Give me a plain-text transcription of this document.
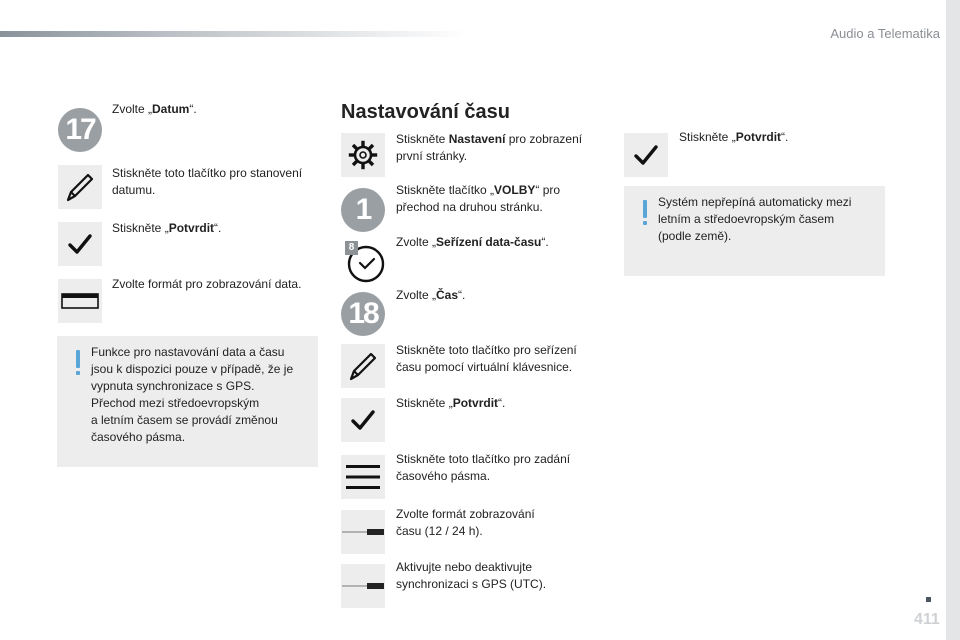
Audio a Telematika
17
Zvolte „Datum“.
Stiskněte toto tlačítko pro stanovení datumu.
Stiskněte „Potvrdit“.
Zvolte formát pro zobrazování data.
Funkce pro nastavování data a času
jsou k dispozici pouze v případě, že je
vypnuta synchronizace s GPS.
Přechod mezi středoevropským
a letním časem se provádí změnou
časového pásma.
Nastavování času
Stiskněte Nastavení pro zobrazení
první stránky.
1
Stiskněte tlačítko „VOLBY“ pro
přechod na druhou stránku.
8	Zvolte „Seřízení data-času“.
18
Zvolte „Čas“.
Stiskněte toto tlačítko pro seřízení
času pomocí virtuální klávesnice.
Stiskněte „Potvrdit“.
Stiskněte toto tlačítko pro zadání
časového pásma.
Zvolte formát zobrazování
času (12 / 24 h).
Aktivujte nebo deaktivujte
synchronizaci s GPS (UTC).
Stiskněte „Potvrdit“.
Systém nepřepíná automaticky mezi
letním a středoevropským časem
(podle země).
411
